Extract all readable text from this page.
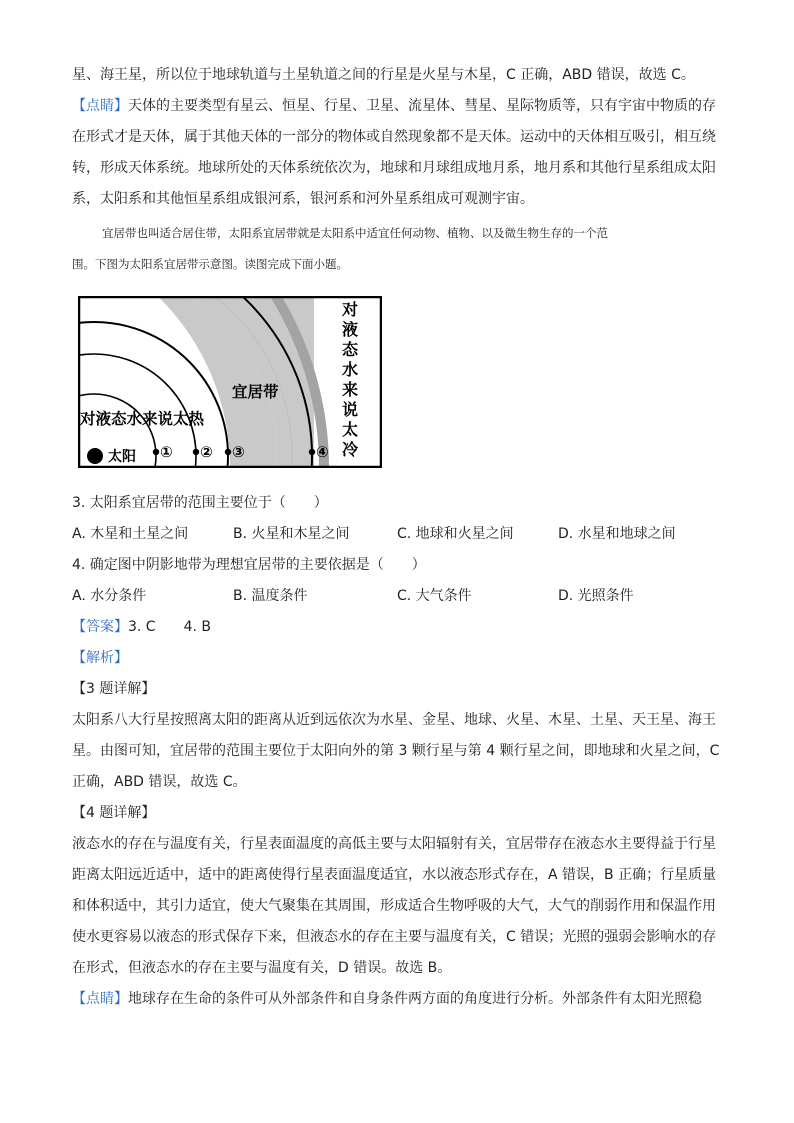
星、海王星，所以位于地球轨道与土星轨道之间的行星是火星与木星，C 正确，ABD 错误，故选 C。
【点睛】天体的主要类型有星云、恒星、行星、卫星、流星体、彗星、星际物质等，只有宇宙中物质的存
在形式才是天体，属于其他天体的一部分的物体或自然现象都不是天体。运动中的天体相互吸引，相互绕
转，形成天体系统。地球所处的天体系统依次为，地球和月球组成地月系，地月系和其他行星系组成太阳
系，太阳系和其他恒星系组成银河系，银河系和河外星系组成可观测宇宙。
宜居带也叫适合居住带，太阳系宜居带就是太阳系中适宜任何动物、植物、以及微生物生存的一个范
围。下图为太阳系宜居带示意图。读图完成下面小题。
太阳 ① ② ③	④
对液态水来说太热
宜居带
对
液
态
水
来
说
太
冷
3. 太阳系宜居带的范围主要位于（　　）
A. 木星和土星之间	B. 火星和木星之间	C. 地球和火星之间	D. 水星和地球之间
4. 确定图中阴影地带为理想宜居带的主要依据是（　　）
A. 水分条件	B. 温度条件	C. 大气条件	D. 光照条件
【答案】3. C　　4. B
【解析】
【3 题详解】
太阳系八大行星按照离太阳的距离从近到远依次为水星、金星、地球、火星、木星、土星、天王星、海王
星。由图可知，宜居带的范围主要位于太阳向外的第 3 颗行星与第 4 颗行星之间，即地球和火星之间，C
正确，ABD 错误，故选 C。
【4 题详解】
液态水的存在与温度有关，行星表面温度的高低主要与太阳辐射有关，宜居带存在液态水主要得益于行星
距离太阳远近适中，适中的距离使得行星表面温度适宜，水以液态形式存在，A 错误，B 正确；行星质量
和体积适中，其引力适宜，使大气聚集在其周围，形成适合生物呼吸的大气，大气的削弱作用和保温作用
使水更容易以液态的形式保存下来，但液态水的存在主要与温度有关，C 错误；光照的强弱会影响水的存
在形式，但液态水的存在主要与温度有关，D 错误。故选 B。
【点睛】地球存在生命的条件可从外部条件和自身条件两方面的角度进行分析。外部条件有太阳光照稳
